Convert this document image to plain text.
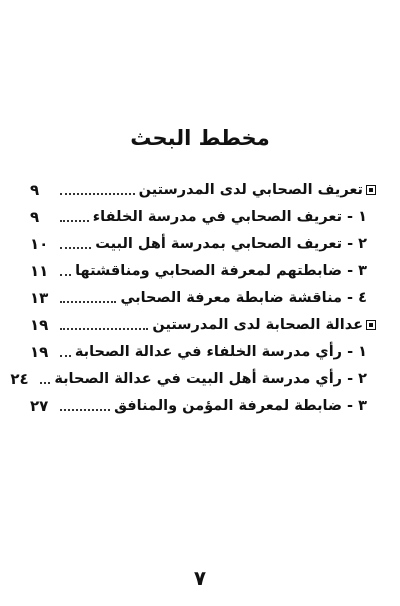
مخطط البحث
تعريف الصحابي لدى المدرستين
٩
١ - تعريف الصحابي في مدرسة الخلفاء
٩
٢ - تعريف الصحابي بمدرسة أهل البيت
١٠
٣ - ضابطتهم لمعرفة الصحابي ومناقشتها
١١
٤ - مناقشة ضابطة معرفة الصحابي
١٣
عدالة الصحابة لدى المدرستين
١٩
١ - رأي مدرسة الخلفاء في عدالة الصحابة
١٩
٢ - رأي مدرسة أهل البيت في عدالة الصحابة
٢٤
٣ - ضابطة لمعرفة المؤمن والمنافق
٢٧
٧
